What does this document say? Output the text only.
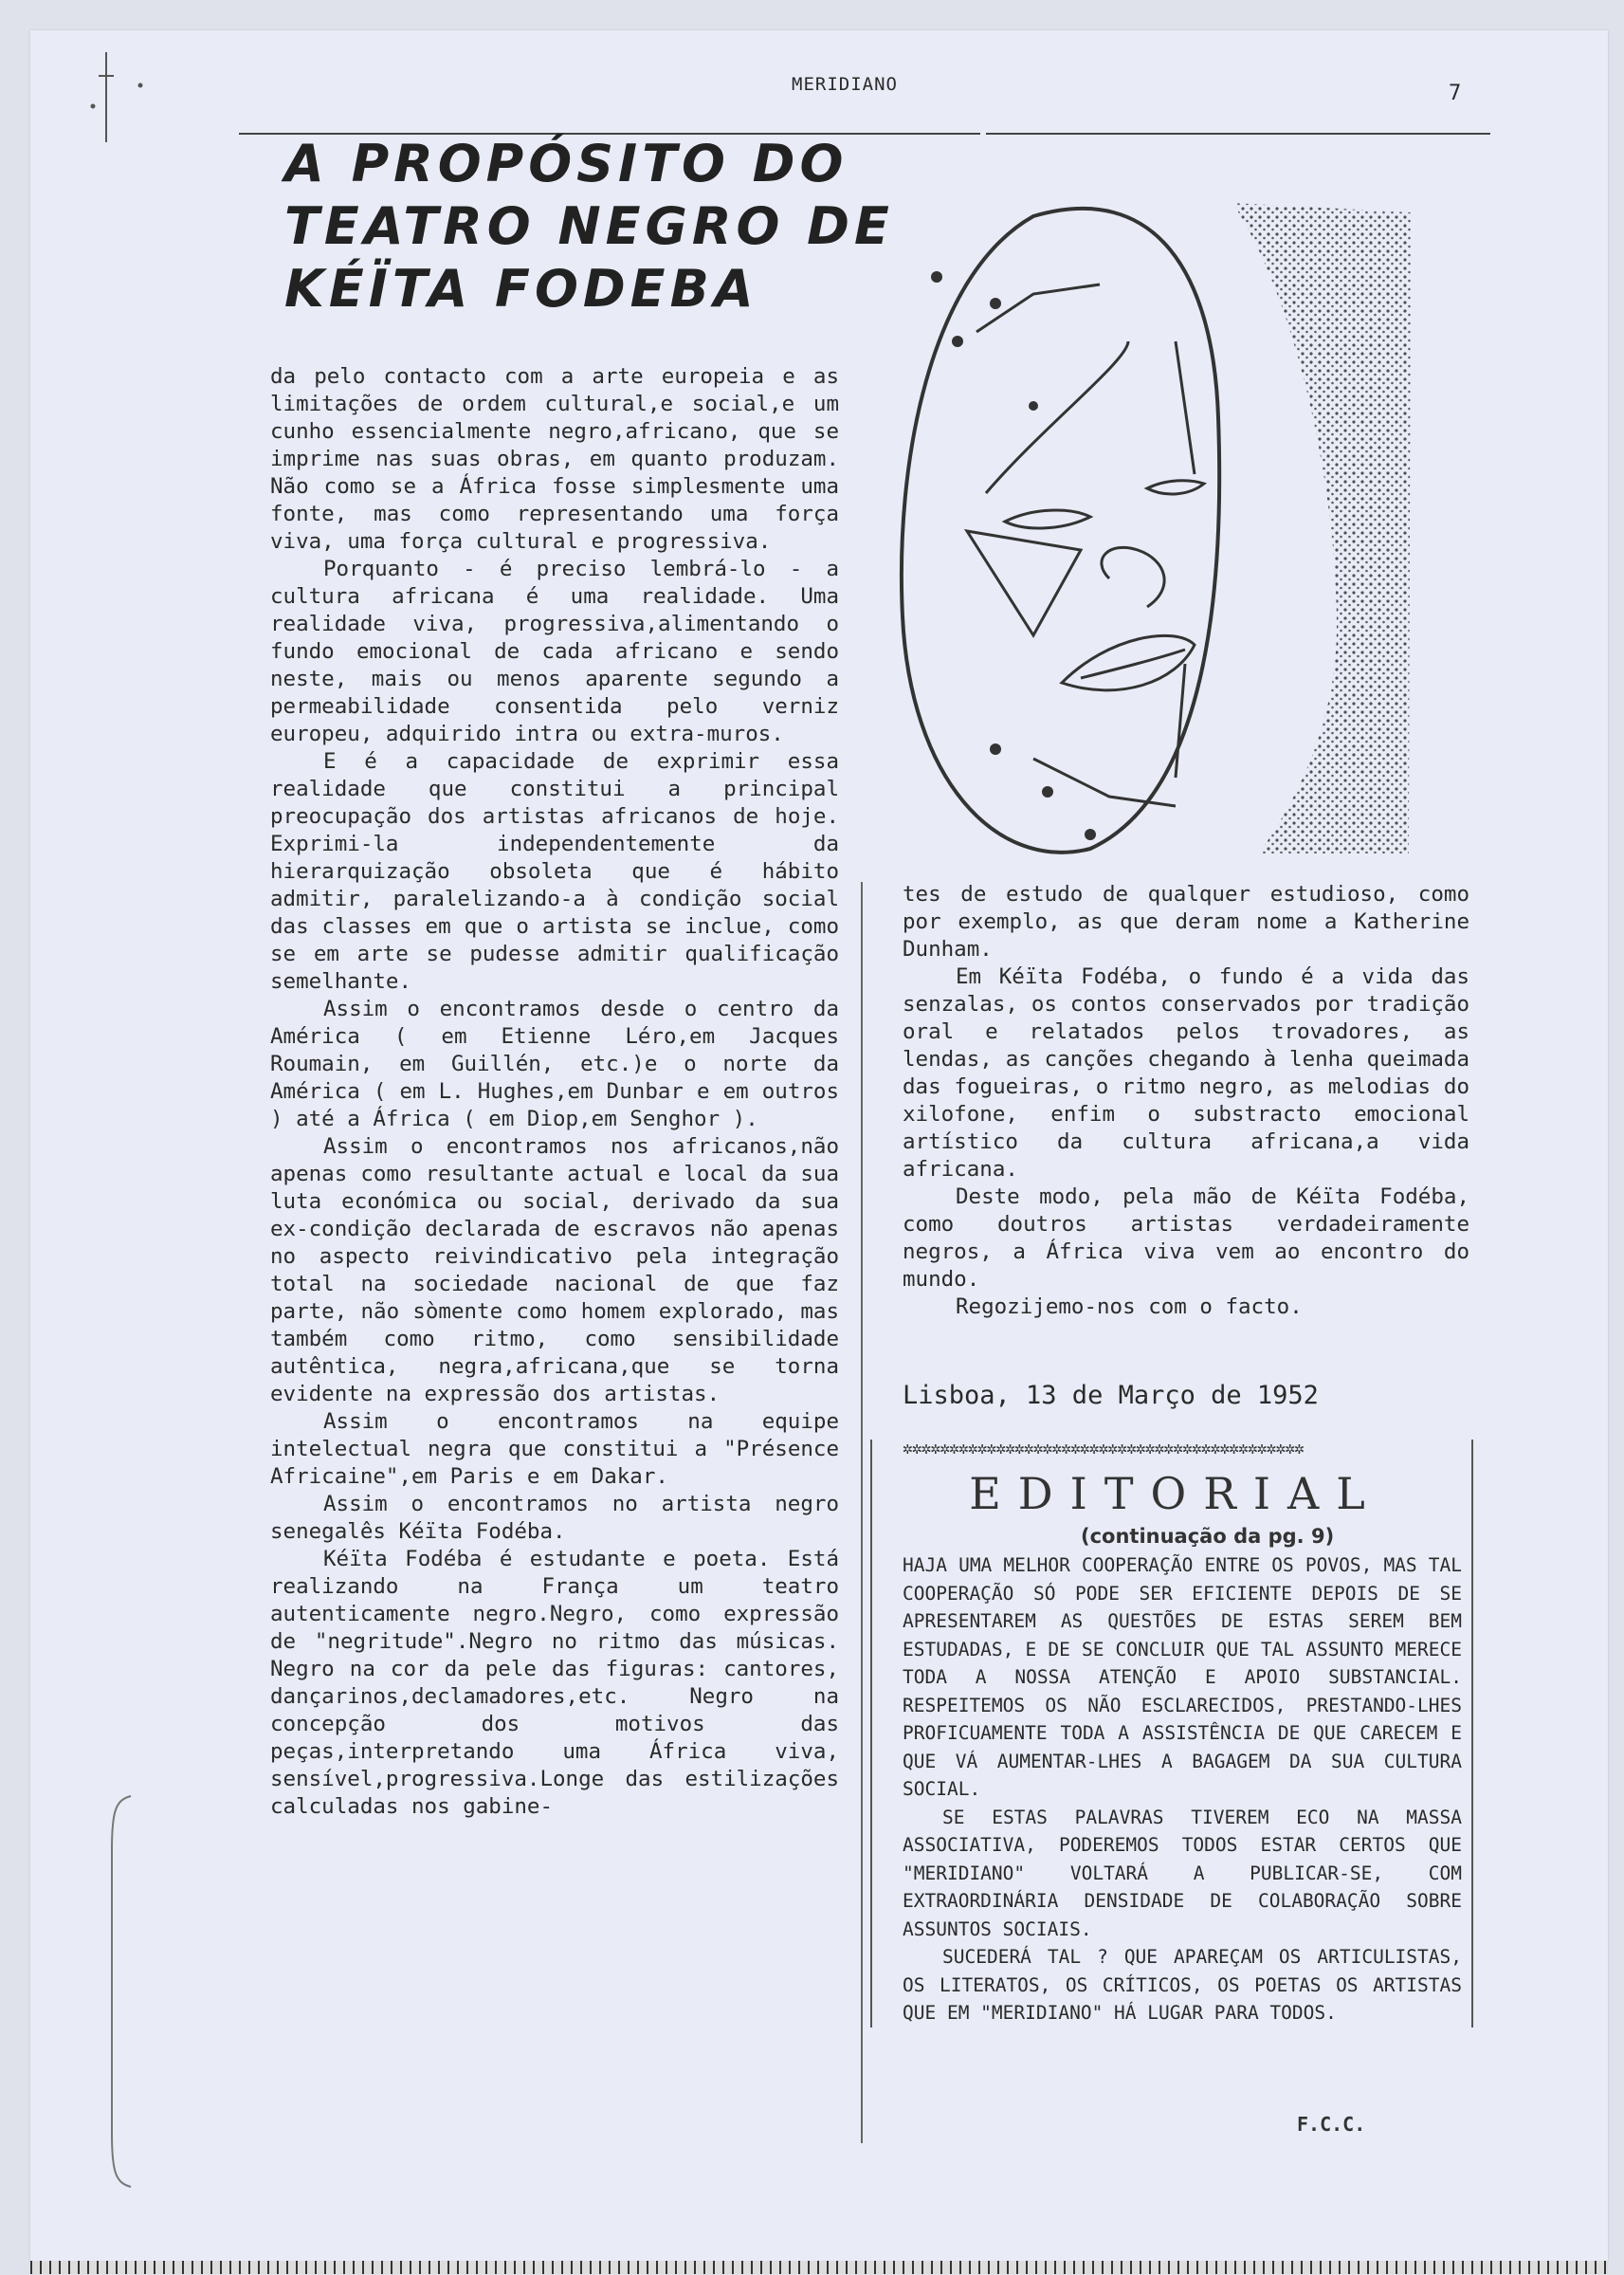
MERIDIANO	7
A PROPÓSITO DO
TEATRO NEGRO DE
KÉÏTA FODEBA

da pelo contacto com a arte europeia e as limitações de ordem cultural,e social,e um cunho essencialmente negro,africano, que se imprime nas suas obras, em quanto produzam. Não como se a África fosse simplesmente uma fonte, mas como representando uma força viva, uma força cultural e progressiva.

Porquanto - é preciso lembrá-lo - a cultura africana é uma realidade. Uma realidade viva, progressiva,alimentando o fundo emocional de cada africano e sendo neste, mais ou menos aparente segundo a permeabilidade consentida pelo verniz europeu, adquirido intra ou extra-muros.

E é a capacidade de exprimir essa realidade que constitui a principal preocupação dos artistas africanos de hoje. Exprimi-la independentemente da hierarquização obsoleta que é hábito admitir, paralelizando-a à condição social das classes em que o artista se inclue, como se em arte se pudesse admitir qualificação semelhante.

Assim o encontramos desde o centro da América ( em Etienne Léro,em Jacques Roumain, em Guillén, etc.)e o norte da América ( em L. Hughes,em Dunbar e em outros ) até a África ( em Diop,em Senghor ).

Assim o encontramos nos africanos,não apenas como resultante actual e local da sua luta económica ou social, derivado da sua ex-condição declarada de escravos não apenas no aspecto reivindicativo pela integração total na sociedade nacional de que faz parte, não sòmente como homem explorado, mas também como ritmo, como sensibilidade autêntica, negra,africana,que se torna evidente na expressão dos artistas.

Assim o encontramos na equipe intelectual negra que constitui a "Présence Africaine",em Paris e em Dakar.

Assim o encontramos no artista negro senegalês Kéïta Fodéba.

Kéïta Fodéba é estudante e poeta. Está realizando na França um teatro autenticamente negro.Negro, como expressão de "negritude".Negro no ritmo das músicas. Negro na cor da pele das figuras: cantores, dançarinos,declamadores,etc. Negro na concepção dos motivos das peças,interpretando uma África viva, sensível,progressiva.Longe das estilizações calculadas nos gabine-

tes de estudo de qualquer estudioso, como por exemplo, as que deram nome a Katherine Dunham.

Em Kéïta Fodéba, o fundo é a vida das senzalas, os contos conservados por tradição oral e relatados pelos trovadores, as lendas, as canções chegando à lenha queimada das fogueiras, o ritmo negro, as melodias do xilofone, enfim o substracto emocional artístico da cultura africana,a vida africana.

Deste modo, pela mão de Kéïta Fodéba, como doutros artistas verdadeiramente negros, a África viva vem ao encontro do mundo.

Regozijemo-nos com o facto.

Lisboa, 13 de Março de 1952
✲✲✲✲✲✲✲✲✲✲✲✲✲✲✲✲✲✲✲✲✲✲✲✲✲✲✲✲✲✲✲✲✲✲✲✲✲✲✲✲✲✲✲
EDITORIAL
(continuação da pg. 9)

HAJA UMA MELHOR COOPERAÇÃO ENTRE OS POVOS, MAS TAL COOPERAÇÃO SÓ PODE SER EFICIENTE DEPOIS DE SE APRESENTAREM AS QUESTÕES DE ESTAS SEREM BEM ESTUDADAS, E DE SE CONCLUIR QUE TAL ASSUNTO MERECE TODA A NOSSA ATENÇÃO E APOIO SUBSTANCIAL. RESPEITEMOS OS NÃO ESCLARECIDOS, PRESTANDO-LHES PROFICUAMENTE TODA A ASSISTÊNCIA DE QUE CARECEM E QUE VÁ AUMENTAR-LHES A BAGAGEM DA SUA CULTURA SOCIAL.

SE ESTAS PALAVRAS TIVEREM ECO NA MASSA ASSOCIATIVA, PODEREMOS TODOS ESTAR CERTOS QUE "MERIDIANO" VOLTARÁ A PUBLICAR-SE, COM EXTRAORDINÁRIA DENSIDADE DE COLABORAÇÃO SOBRE ASSUNTOS SOCIAIS.

SUCEDERÁ TAL ? QUE APAREÇAM OS ARTICULISTAS, OS LITERATOS, OS CRÍTICOS, OS POETAS OS ARTISTAS QUE EM "MERIDIANO" HÁ LUGAR PARA TODOS.

F.C.C.
